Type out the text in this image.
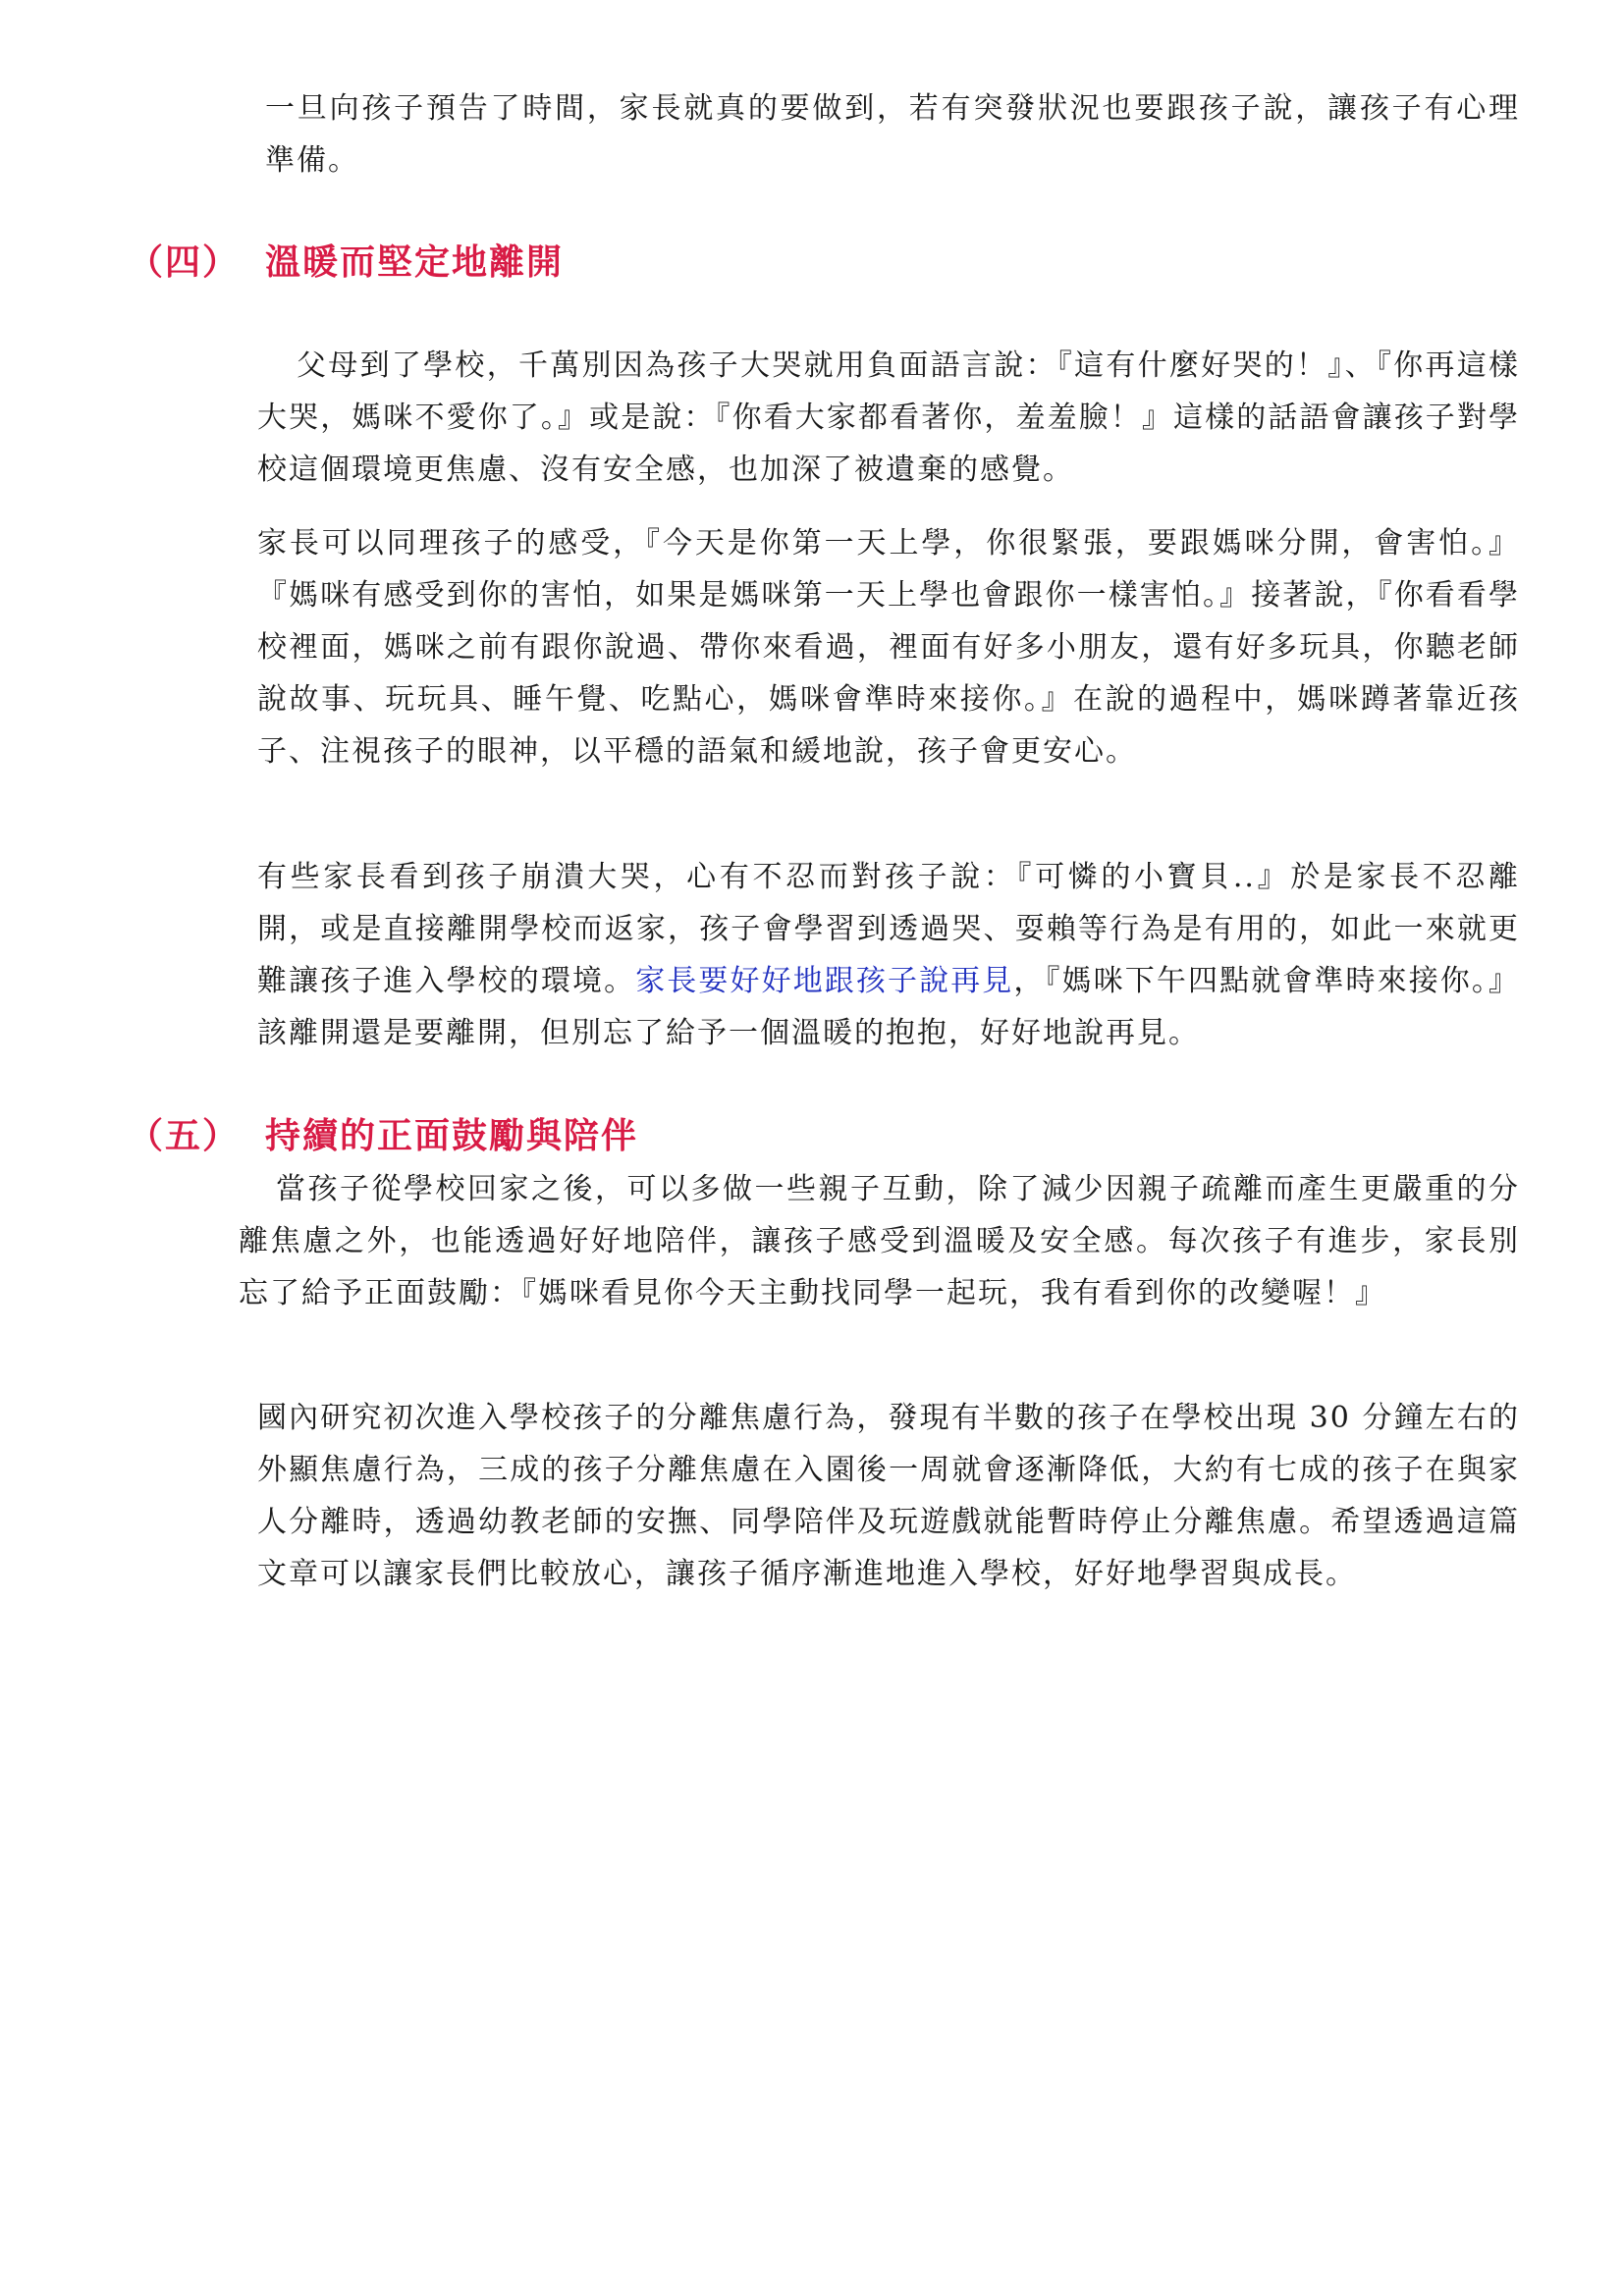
一旦向孩子預告了時間，家長就真的要做到，若有突發狀況也要跟孩子說，讓孩子有心理準備。

（四） 溫暖而堅定地離開

父母到了學校，千萬別因為孩子大哭就用負面語言說：『這有什麼好哭的！』、『你再這樣大哭，媽咪不愛你了。』或是說：『你看大家都看著你，羞羞臉！』這樣的話語會讓孩子對學校這個環境更焦慮、沒有安全感，也加深了被遺棄的感覺。

家長可以同理孩子的感受，『今天是你第一天上學，你很緊張，要跟媽咪分開，會害怕。』『媽咪有感受到你的害怕，如果是媽咪第一天上學也會跟你一樣害怕。』接著說，『你看看學校裡面，媽咪之前有跟你說過、帶你來看過，裡面有好多小朋友，還有好多玩具，你聽老師說故事、玩玩具、睡午覺、吃點心，媽咪會準時來接你。』在說的過程中，媽咪蹲著靠近孩子、注視孩子的眼神，以平穩的語氣和緩地說，孩子會更安心。

有些家長看到孩子崩潰大哭，心有不忍而對孩子說：『可憐的小寶貝..』於是家長不忍離開，或是直接離開學校而返家，孩子會學習到透過哭、耍賴等行為是有用的，如此一來就更難讓孩子進入學校的環境。家長要好好地跟孩子說再見，『媽咪下午四點就會準時來接你。』該離開還是要離開，但別忘了給予一個溫暖的抱抱，好好地說再見。

（五） 持續的正面鼓勵與陪伴

當孩子從學校回家之後，可以多做一些親子互動，除了減少因親子疏離而產生更嚴重的分離焦慮之外，也能透過好好地陪伴，讓孩子感受到溫暖及安全感。每次孩子有進步，家長別忘了給予正面鼓勵：『媽咪看見你今天主動找同學一起玩，我有看到你的改變喔！』

國內研究初次進入學校孩子的分離焦慮行為，發現有半數的孩子在學校出現 30 分鐘左右的外顯焦慮行為，三成的孩子分離焦慮在入園後一周就會逐漸降低，大約有七成的孩子在與家人分離時，透過幼教老師的安撫、同學陪伴及玩遊戲就能暫時停止分離焦慮。希望透過這篇文章可以讓家長們比較放心，讓孩子循序漸進地進入學校，好好地學習與成長。
